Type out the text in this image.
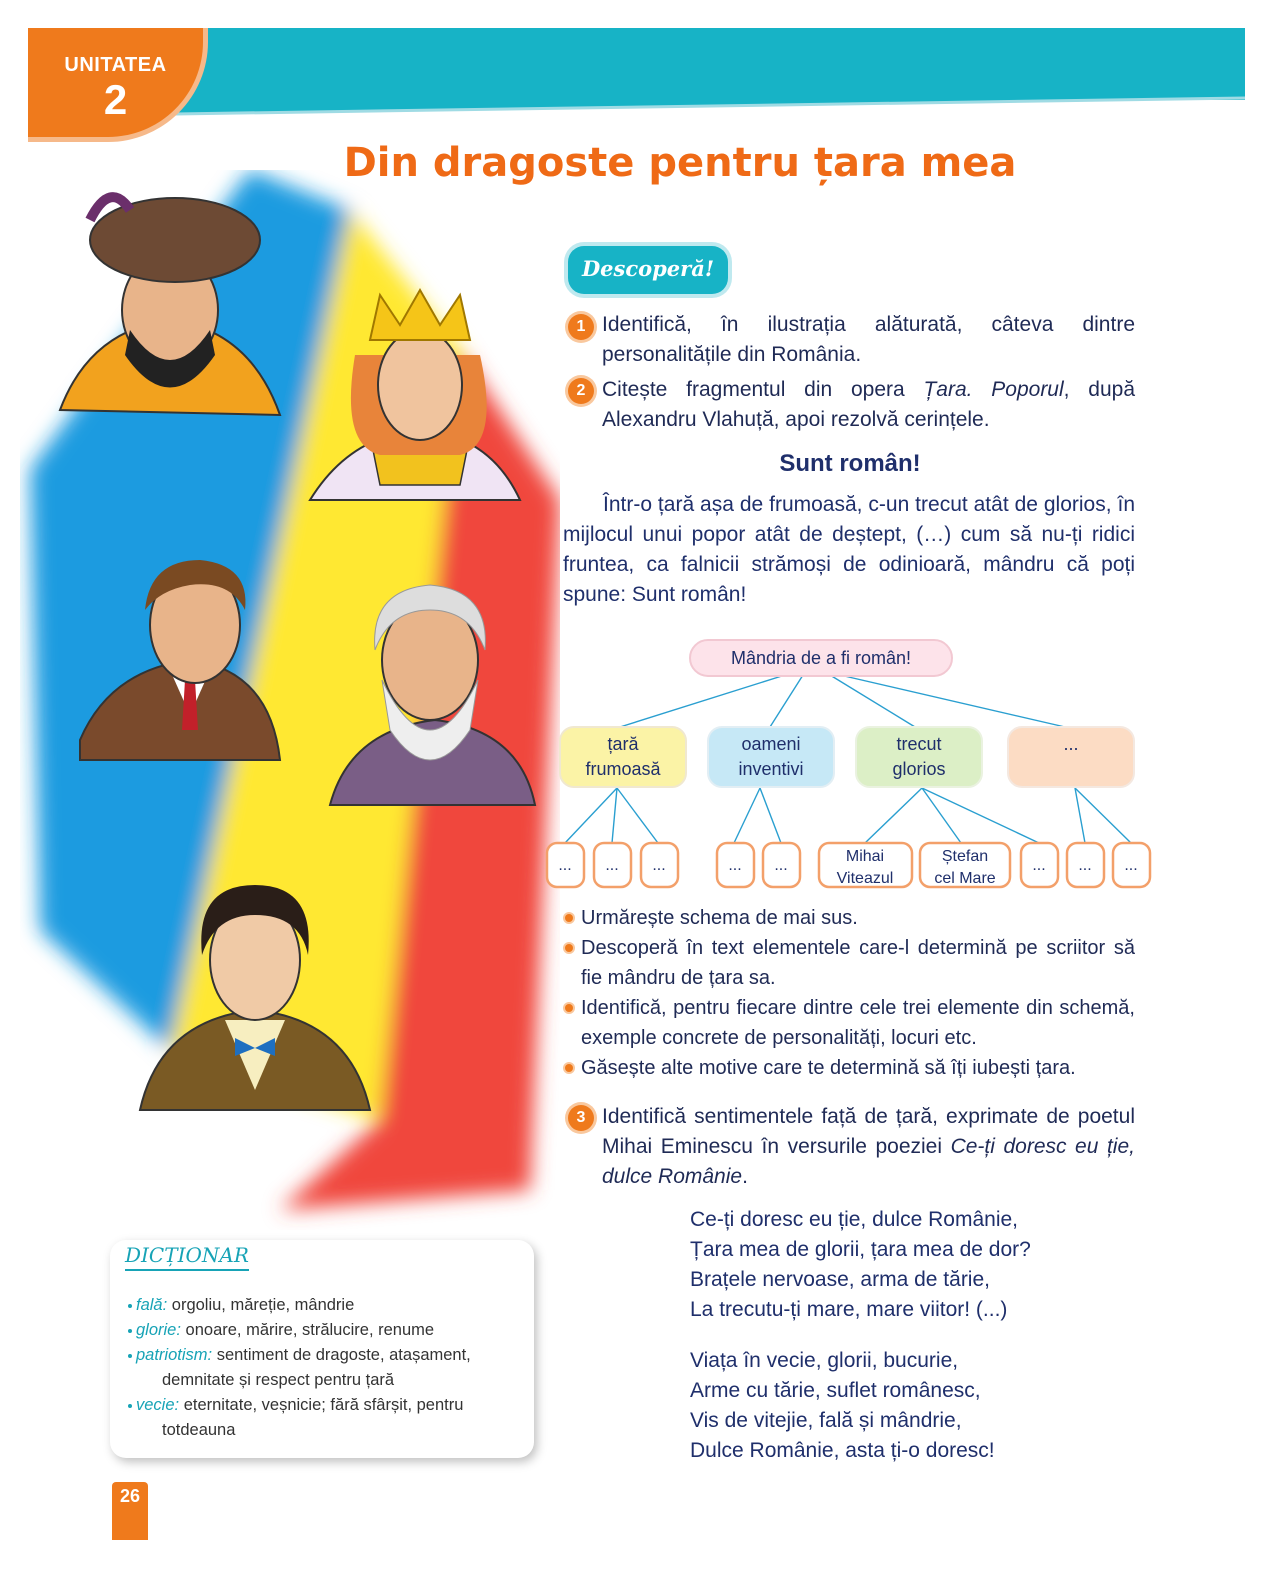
UNITATEA
2
Din dragoste pentru țara mea
Descoperă!
1 Identifică, în ilustrația alăturată, câteva dintre personalitățile din România.
2 Citește fragmentul din opera Țara. Poporul, după Alexandru Vlahuță, apoi rezolvă cerințele.
Sunt român!
Într-o țară așa de frumoasă, c-un trecut atât de glorios, în mijlocul unui popor atât de deștept, (…) cum să nu-ți ridici fruntea, ca falnicii strămoși de odinioară, mândru că poți spune: Sunt român!
Mândria de a fi român!
țară
frumoasă
oameni
inventivi
trecut
glorios
...
... ... ...	... ...
Mihai
Viteazul
Ștefan
cel Mare
... ... ...
Urmărește schema de mai sus.
Descoperă în text elementele care-l determină pe scriitor să fie mândru de țara sa.
Identifică, pentru fiecare dintre cele trei elemente din schemă, exemple concrete de personalități, locuri etc.
Găsește alte motive care te determină să îți iubești țara.
3 Identifică sentimentele față de țară, exprimate de poetul Mihai Eminescu în versurile poeziei Ce-ți doresc eu ție, dulce Românie.
Ce-ți doresc eu ție, dulce Românie,
Țara mea de glorii, țara mea de dor?
Brațele nervoase, arma de tărie,
La trecutu-ți mare, mare viitor! (...)
Viața în vecie, glorii, bucurie,
Arme cu tărie, suflet românesc,
Vis de vitejie, fală și mândrie,
Dulce Românie, asta ți-o doresc!
DICȚIONAR
fală: orgoliu, măreție, mândrie
glorie: onoare, mărire, strălucire, renume
patriotism: sentiment de dragoste, atașament,
demnitate și respect pentru țară
vecie: eternitate, veșnicie; fără sfârșit, pentru
totdeauna
26
